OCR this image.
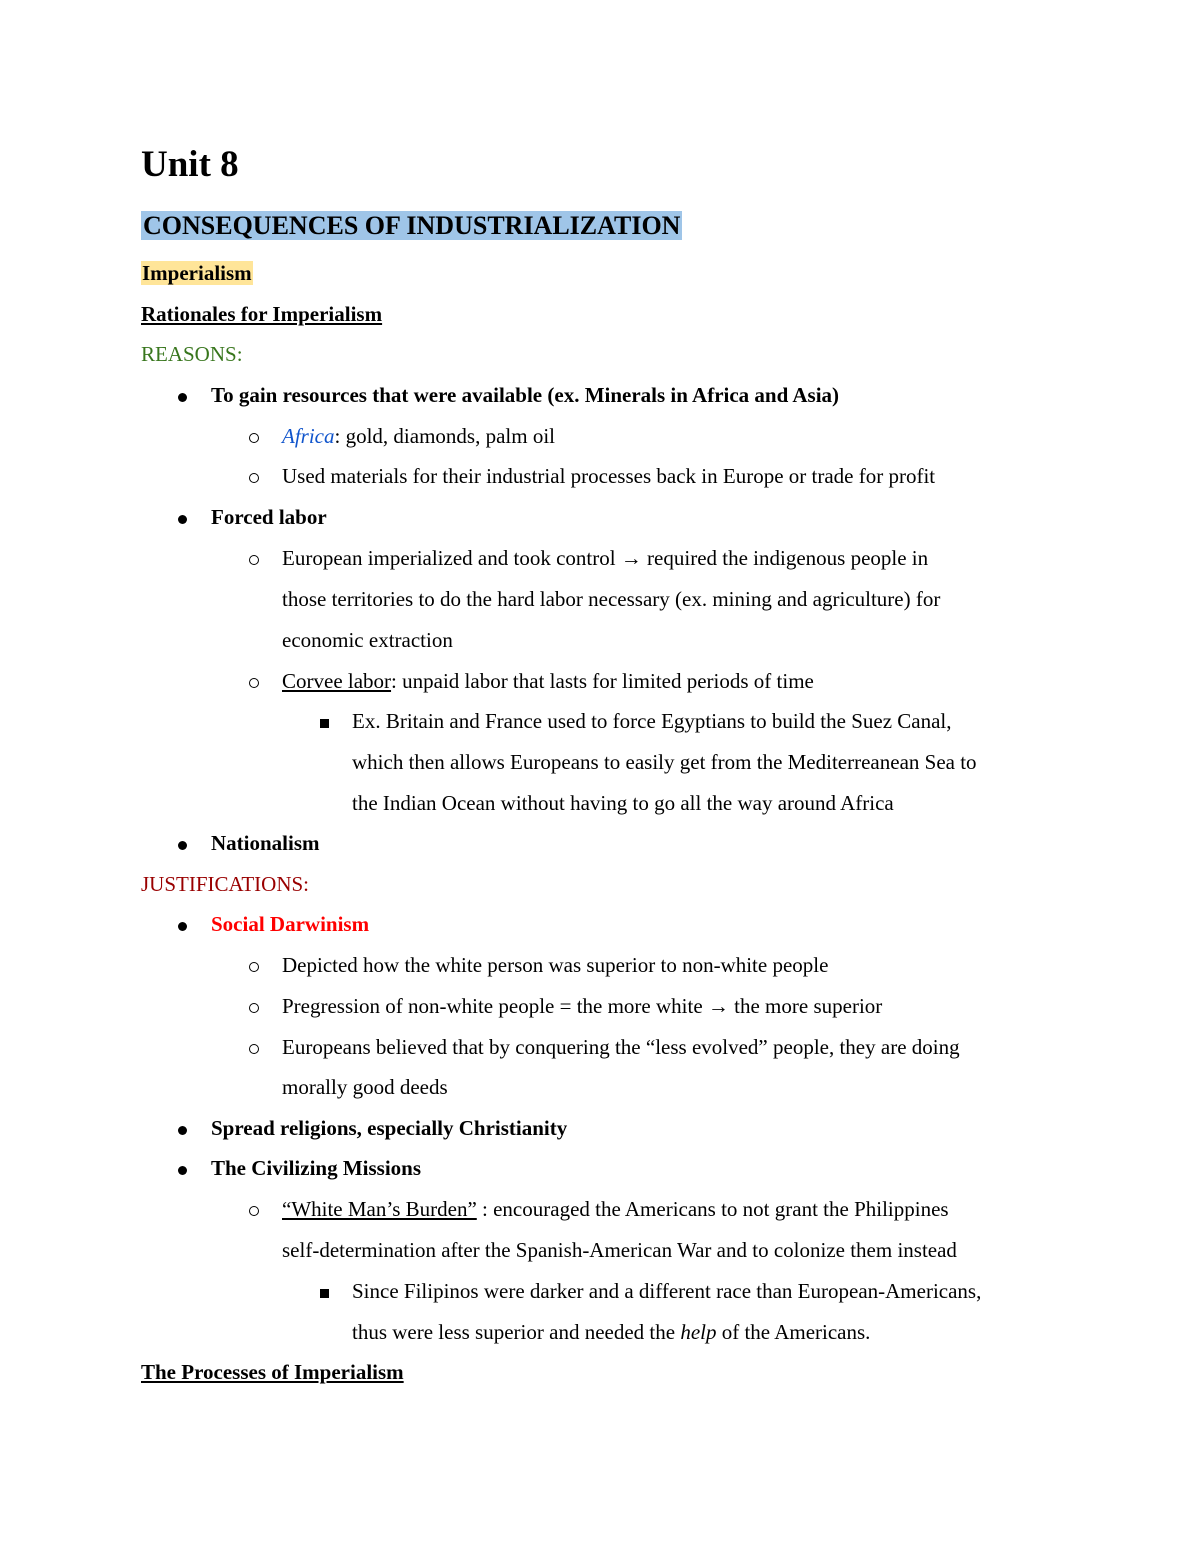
Unit 8
CONSEQUENCES OF INDUSTRIALIZATION
Imperialism
Rationales for Imperialism
REASONS:
To gain resources that were available (ex. Minerals in Africa and Asia)
Africa: gold, diamonds, palm oil
Used materials for their industrial processes back in Europe or trade for profit
Forced labor
European imperialized and took control → required the indigenous people in
those territories to do the hard labor necessary (ex. mining and agriculture) for
economic extraction
Corvee labor: unpaid labor that lasts for limited periods of time
Ex. Britain and France used to force Egyptians to build the Suez Canal,
which then allows Europeans to easily get from the Mediterreanean Sea to
the Indian Ocean without having to go all the way around Africa
Nationalism
JUSTIFICATIONS:
Social Darwinism
Depicted how the white person was superior to non-white people
Pregression of non-white people = the more white → the more superior
Europeans believed that by conquering the “less evolved” people, they are doing
morally good deeds
Spread religions, especially Christianity
The Civilizing Missions
“White Man’s Burden” : encouraged the Americans to not grant the Philippines
self-determination after the Spanish-American War and to colonize them instead
Since Filipinos were darker and a different race than European-Americans,
thus were less superior and needed the help of the Americans.
The Processes of Imperialism
